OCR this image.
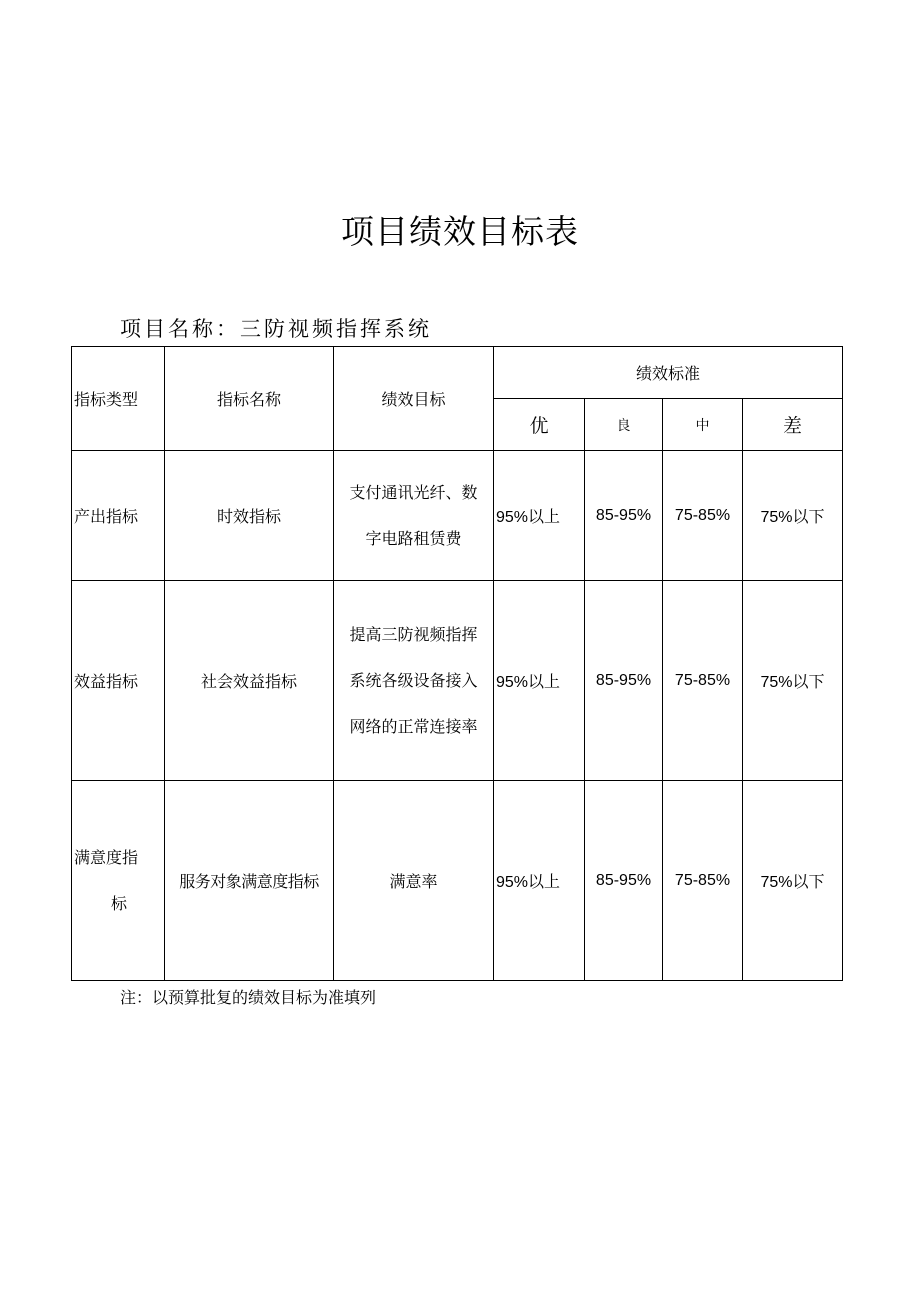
项目绩效目标表
项目名称：三防视频指挥系统
指标类型	指标名称	绩效目标	绩效标准			
			优	良	中	差

产出指标	时效指标	支付通讯光纤、数
字电路租赁费	95%以上	85-95%	75-85%	75%以下

效益指标	社会效益指标	提高三防视频指挥
系统各级设备接入
网络的正常连接率	95%以上	85-95%	75-85%	75%以下

满意度指
标	服务对象满意度指标	满意率	95%以上	85-95%	75-85%	75%以下
注：以预算批复的绩效目标为准填列
